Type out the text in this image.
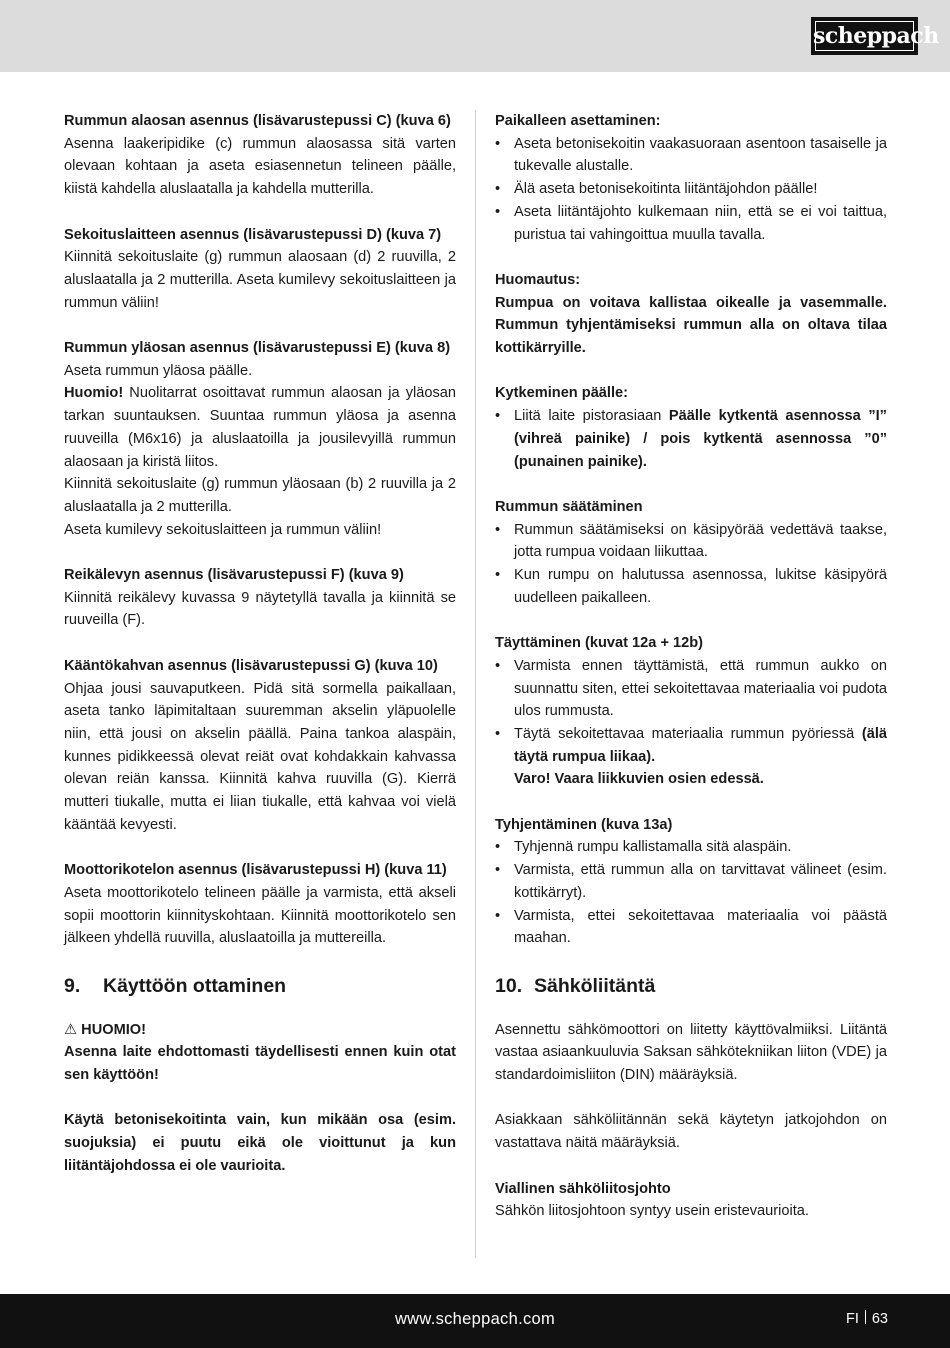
scheppach

Rummun alaosan asennus (lisävarustepussi C) (kuva 6)

Asenna laakeripidike (c) rummun alaosassa sitä varten olevaan kohtaan ja aseta esiasennetun telineen päälle, kiistä kahdella aluslaatalla ja kahdella mutterilla.

Sekoituslaitteen asennus (lisävarustepussi D) (kuva 7)

Kiinnitä sekoituslaite (g) rummun alaosaan (d) 2 ruuvilla, 2 aluslaatalla ja 2 mutterilla. Aseta kumilevy sekoituslaitteen ja rummun väliin!

Rummun yläosan asennus (lisävarustepussi E) (kuva 8)

Aseta rummun yläosa päälle.

Huomio! Nuolitarrat osoittavat rummun alaosan ja yläosan tarkan suuntauksen. Suuntaa rummun yläosa ja asenna ruuveilla (M6x16) ja aluslaatoilla ja jousilevyillä rummun alaosaan ja kiristä liitos.

Kiinnitä sekoituslaite (g) rummun yläosaan (b) 2 ruuvilla ja 2 aluslaatalla ja 2 mutterilla.

Aseta kumilevy sekoituslaitteen ja rummun väliin!

Reikälevyn asennus (lisävarustepussi F) (kuva 9)

Kiinnitä reikälevy kuvassa 9 näytetyllä tavalla ja kiinnitä se ruuveilla (F).

Kääntökahvan asennus (lisävarustepussi G) (kuva 10)

Ohjaa jousi sauvaputkeen. Pidä sitä sormella paikallaan, aseta tanko läpimitaltaan suuremman akselin yläpuolelle niin, että jousi on akselin päällä. Paina tankoa alaspäin, kunnes pidikkeessä olevat reiät ovat kohdakkain kahvassa olevan reiän kanssa. Kiinnitä kahva ruuvilla (G). Kierrä mutteri tiukalle, mutta ei liian tiukalle, että kahvaa voi vielä kääntää kevyesti.

Moottorikotelon asennus (lisävarustepussi H) (kuva 11)

Aseta moottorikotelo telineen päälle ja varmista, että akseli sopii moottorin kiinnityskohtaan. Kiinnitä moottorikotelo sen jälkeen yhdellä ruuvilla, aluslaatoilla ja muttereilla.

9. Käyttöön ottaminen

⚠ HUOMIO!

Asenna laite ehdottomasti täydellisesti ennen kuin otat sen käyttöön!

Käytä betonisekoitinta vain, kun mikään osa (esim. suojuksia) ei puutu eikä ole vioittunut ja kun liitäntäjohdossa ei ole vaurioita.

Paikalleen asettaminen:

• Aseta betonisekoitin vaakasuoraan asentoon tasaiselle ja tukevalle alustalle.
• Älä aseta betonisekoitinta liitäntäjohdon päälle!
• Aseta liitäntäjohto kulkemaan niin, että se ei voi taittua, puristua tai vahingoittua muulla tavalla.

Huomautus:

Rumpua on voitava kallistaa oikealle ja vasemmalle. Rummun tyhjentämiseksi rummun alla on oltava tilaa kottikärryille.

Kytkeminen päälle:

• Liitä laite pistorasiaan Päälle kytkentä asennossa ”I” (vihreä painike) / pois kytkentä asennossa ”0” (punainen painike).

Rummun säätäminen

• Rummun säätämiseksi on käsipyörää vedettävä taakse, jotta rumpua voidaan liikuttaa.
• Kun rumpu on halutussa asennossa, lukitse käsipyörä uudelleen paikalleen.

Täyttäminen (kuvat 12a + 12b)

• Varmista ennen täyttämistä, että rummun aukko on suunnattu siten, ettei sekoitettavaa materiaalia voi pudota ulos rummusta.
• Täytä sekoitettavaa materiaalia rummun pyöriessä (älä täytä rumpua liikaa).
Varo! Vaara liikkuvien osien edessä.

Tyhjentäminen (kuva 13a)

• Tyhjennä rumpu kallistamalla sitä alaspäin.
• Varmista, että rummun alla on tarvittavat välineet (esim. kottikärryt).
• Varmista, ettei sekoitettavaa materiaalia voi päästä maahan.
10. Sähköliitäntä

Asennettu sähkömoottori on liitetty käyttövalmiiksi. Liitäntä vastaa asiaankuuluvia Saksan sähkötekniikan liiton (VDE) ja standardoimisliiton (DIN) määräyksiä.

Asiakkaan sähköliitännän sekä käytetyn jatkojohdon on vastattava näitä määräyksiä.

Viallinen sähköliitosjohto

Sähkön liitosjohtoon syntyy usein eristevaurioita.

www.scheppach.com	FI 63
